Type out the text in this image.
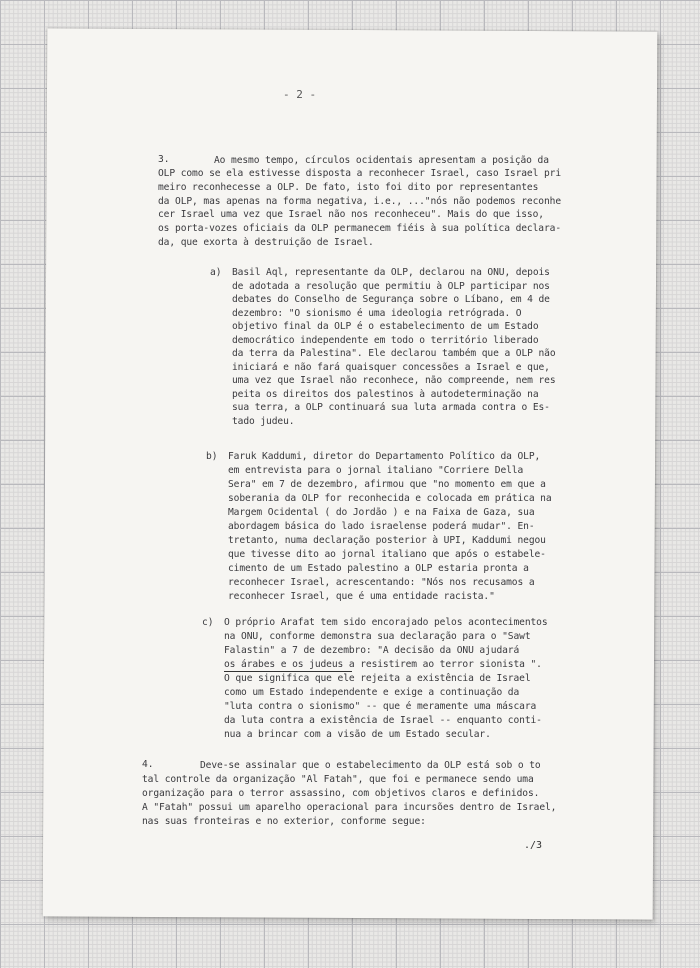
- 2 -
3.	Ao mesmo tempo, círculos ocidentais apresentam a posição da
OLP como se ela estivesse disposta a reconhecer Israel, caso Israel pri
meiro reconhecesse a OLP. De fato, isto foi dito por representantes
da OLP, mas apenas na forma negativa, i.e., ..."nós não podemos reconhe
cer Israel uma vez que Israel não nos reconheceu". Mais do que isso,
os porta-vozes oficiais da OLP permanecem fiéis à sua política declara-
da, que exorta à destruição de Israel.
a) Basil Aql, representante da OLP, declarou na ONU, depois
de adotada a resolução que permitiu à OLP participar nos
debates do Conselho de Segurança sobre o Líbano, em 4 de
dezembro: "O sionismo é uma ideologia retrógrada. O
objetivo final da OLP é o estabelecimento de um Estado
democrático independente em todo o território liberado
da terra da Palestina". Ele declarou também que a OLP não
iniciará e não fará quaisquer concessões a Israel e que,
uma vez que Israel não reconhece, não compreende, nem res
peita os direitos dos palestinos à autodeterminação na
sua terra, a OLP continuará sua luta armada contra o Es-
tado judeu.
b) Faruk Kaddumi, diretor do Departamento Político da OLP,
em entrevista para o jornal italiano "Corriere Della
Sera" em 7 de dezembro, afirmou que "no momento em que a
soberania da OLP for reconhecida e colocada em prática na
Margem Ocidental ( do Jordão ) e na Faixa de Gaza, sua
abordagem básica do lado israelense poderá mudar". En-
tretanto, numa declaração posterior à UPI, Kaddumi negou
que tivesse dito ao jornal italiano que após o estabele-
cimento de um Estado palestino a OLP estaria pronta a
reconhecer Israel, acrescentando: "Nós nos recusamos a
reconhecer Israel, que é uma entidade racista."
c) O próprio Arafat tem sido encorajado pelos acontecimentos
na ONU, conforme demonstra sua declaração para o "Sawt
Falastin" a 7 de dezembro: "A decisão da ONU ajudará
os árabes e os judeus a resistirem ao terror sionista ".
O que significa que ele rejeita a existência de Israel
como um Estado independente e exige a continuação da
"luta contra o sionismo" -- que é meramente uma máscara
da luta contra a existência de Israel -- enquanto conti-
nua a brincar com a visão de um Estado secular.
4.	Deve-se assinalar que o estabelecimento da OLP está sob o to
tal controle da organização "Al Fatah", que foi e permanece sendo uma
organização para o terror assassino, com objetivos claros e definidos.
A "Fatah" possui um aparelho operacional para incursões dentro de Israel,
nas suas fronteiras e no exterior, conforme segue:
./3
